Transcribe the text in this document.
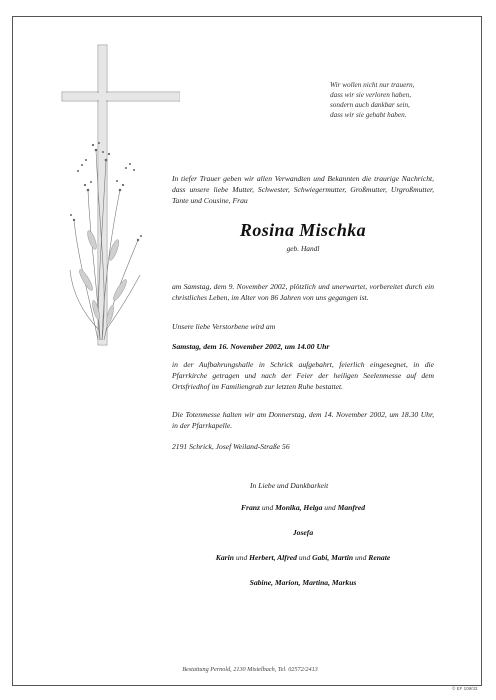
Wir wollen nicht nur trauern,
dass wir sie verloren haben,
sondern auch dankbar sein,
dass wir sie gehabt haben.
In tiefer Trauer geben wir allen Verwandten und Bekannten die traurige Nachricht, dass unsere liebe Mutter, Schwester, Schwiegermutter, Großmutter, Urgroßmutter, Tante und Cousine, Frau
Rosina Mischka
geb. Handl
am Samstag, dem 9. November 2002, plötzlich und unerwartet, vorbereitet durch ein christliches Leben, im Alter von 86 Jahren von uns gegangen ist.
Unsere liebe Verstorbene wird am
Samstag, dem 16. November 2002, um 14.00 Uhr
in der Aufbahrungshalle in Schrick aufgebahrt, feierlich eingesegnet, in die Pfarrkirche getragen und nach der Feier der heiligen Seelenmesse auf dem Ortsfriedhof im Familiengrab zur letzten Ruhe bestattet.
Die Totenmesse halten wir am Donnerstag, dem 14. November 2002, um 18.30 Uhr, in der Pfarrkapelle.
2191 Schrick, Josef Weiland-Straße 56
In Liebe und Dankbarkeit
Franz und Monika, Helga und Manfred
Josefa
Karin und Herbert, Alfred und Gabi, Martin und Renate
Sabine, Marion, Martina, Markus
Bestattung Pernold, 2130 Mistelbach, Tel. 02572/2413
© EF 109/33
